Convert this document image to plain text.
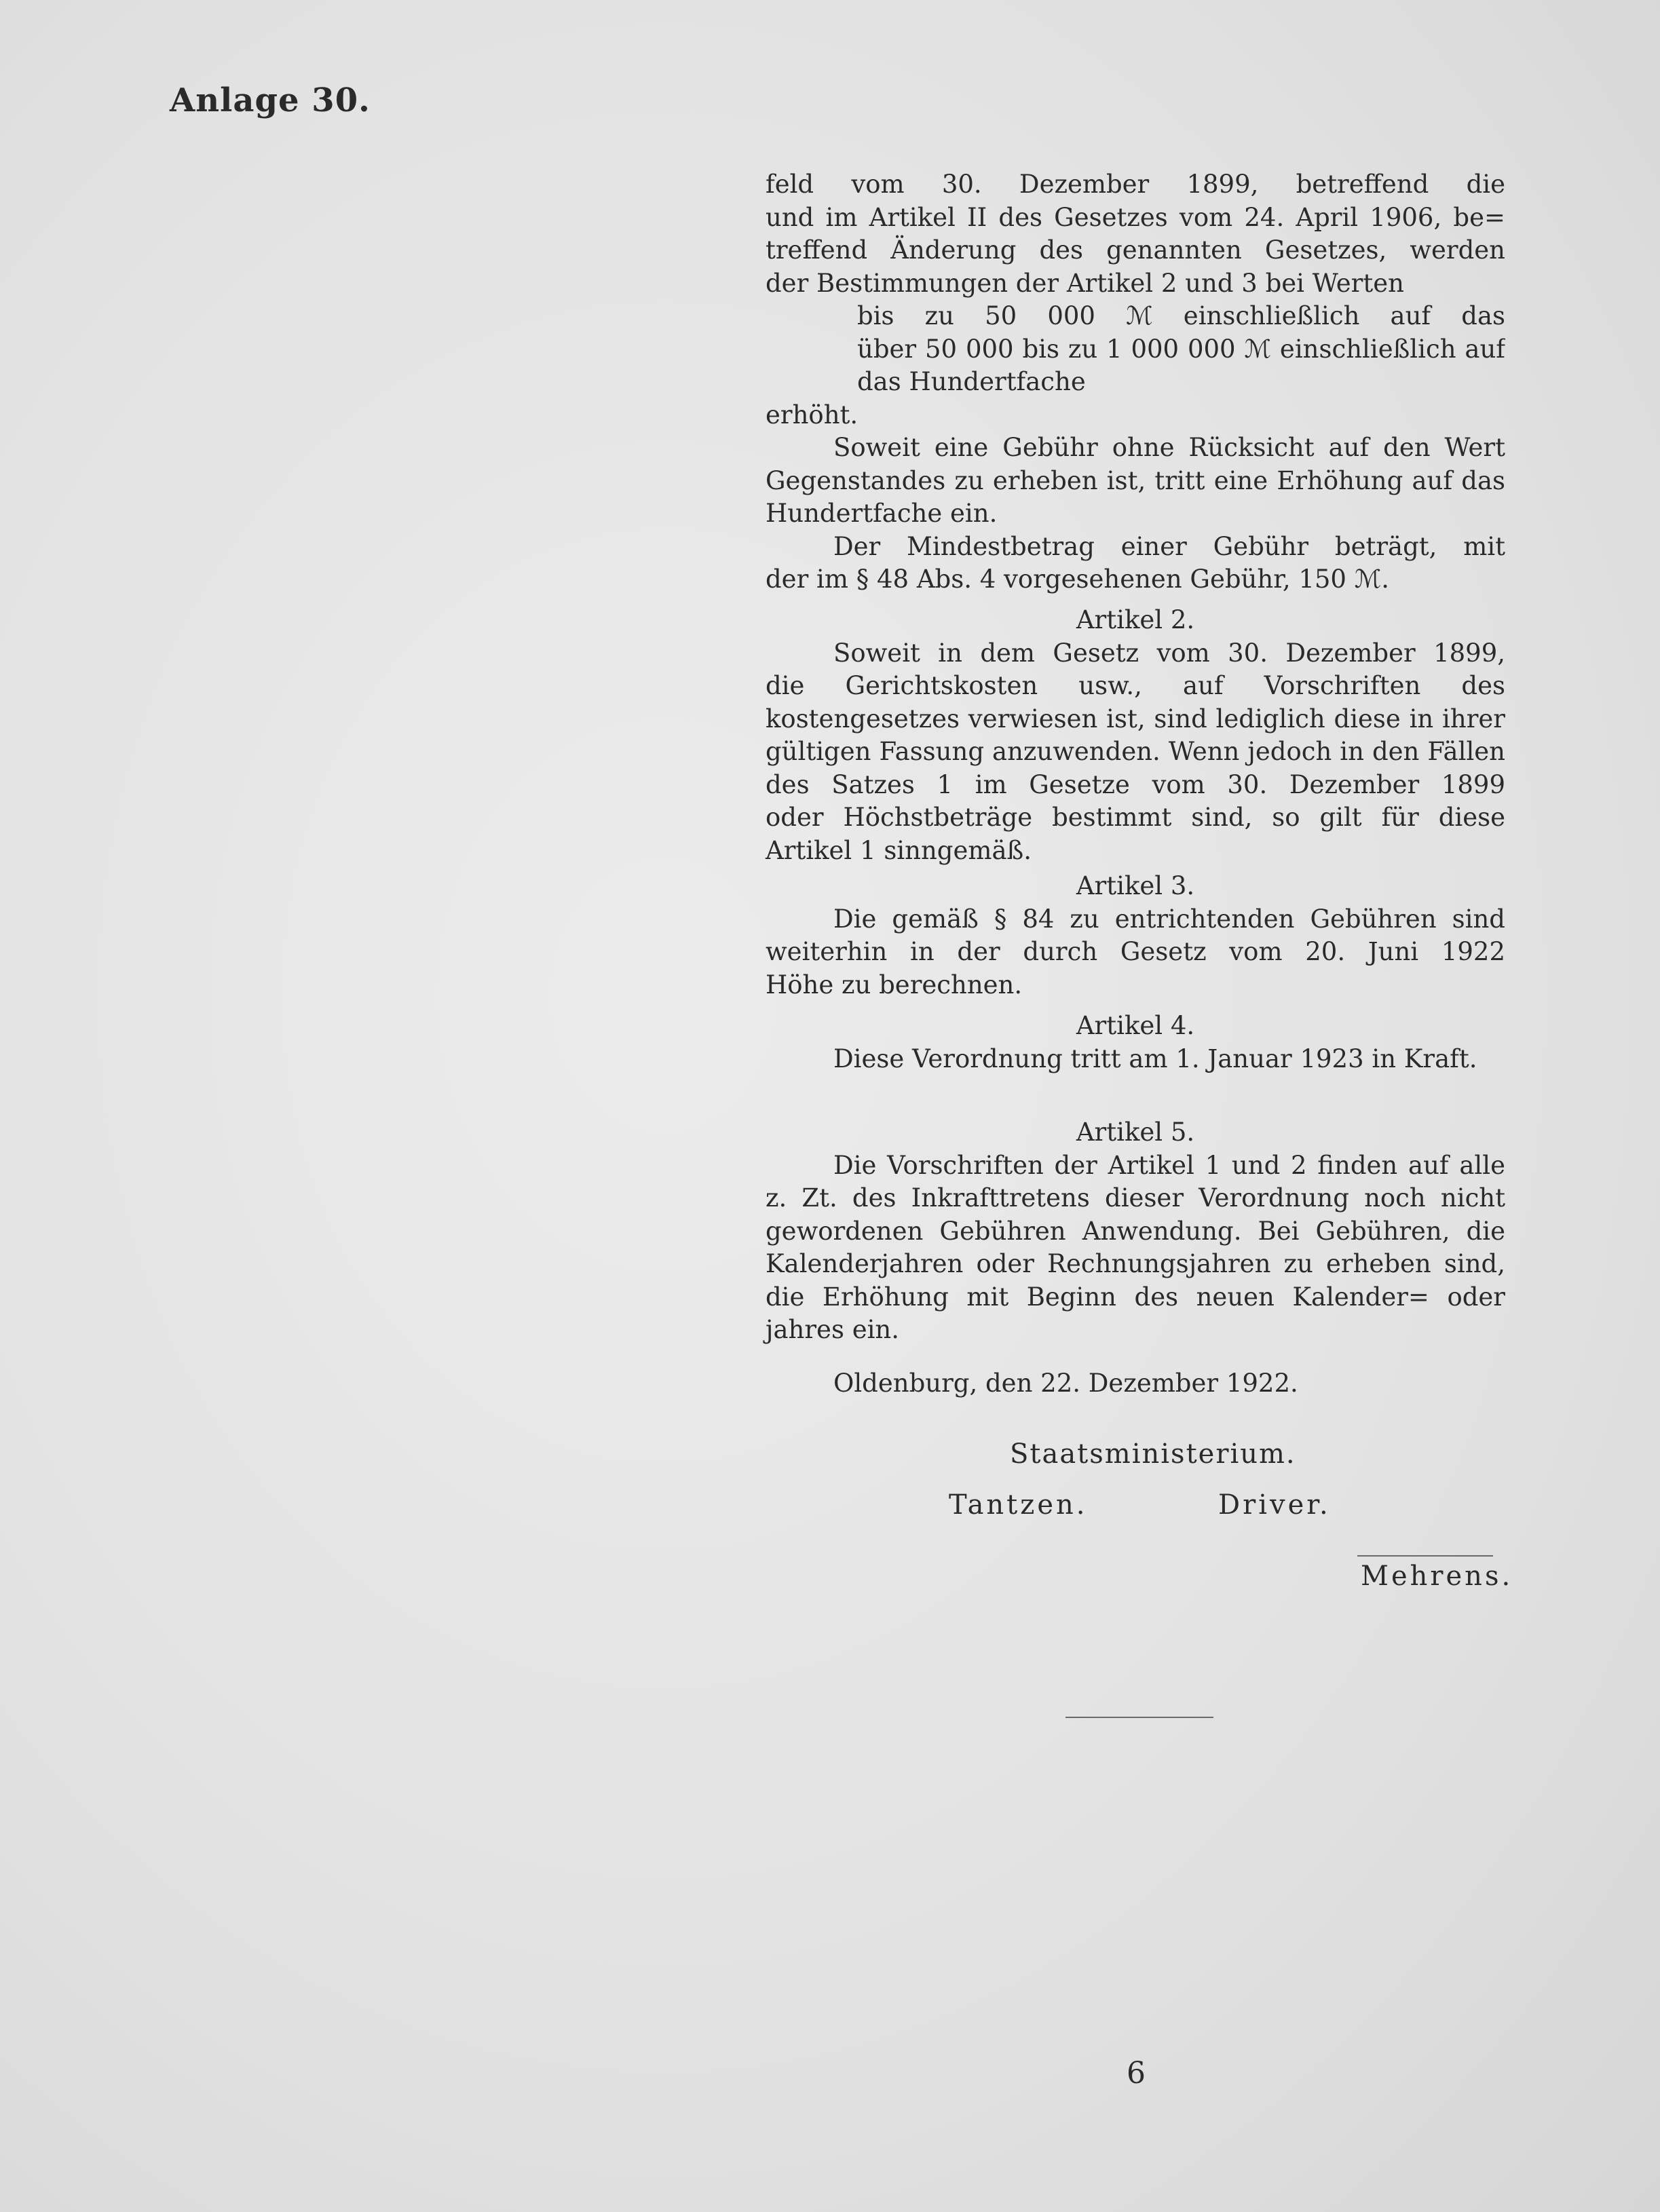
Anlage 30.
feld vom 30. Dezember 1899, betreffend die
und im Artikel II des Gesetzes vom 24. April 1906, be=
treffend Änderung des genannten Gesetzes, werden
der Bestimmungen der Artikel 2 und 3 bei Werten
bis zu 50 000 ℳ einschließlich auf das
über 50 000 bis zu 1 000 000 ℳ einschließlich auf
das Hundertfache
erhöht.
Soweit eine Gebühr ohne Rücksicht auf den Wert
Gegenstandes zu erheben ist, tritt eine Erhöhung auf das
Hundertfache ein.
Der Mindestbetrag einer Gebühr beträgt, mit
der im § 48 Abs. 4 vorgesehenen Gebühr, 150 ℳ.
Artikel 2.
Soweit in dem Gesetz vom 30. Dezember 1899,
die Gerichtskosten usw., auf Vorschriften des
kostengesetzes verwiesen ist, sind lediglich diese in ihrer
gültigen Fassung anzuwenden. Wenn jedoch in den Fällen
des Satzes 1 im Gesetze vom 30. Dezember 1899
oder Höchstbeträge bestimmt sind, so gilt für diese
Artikel 1 sinngemäß.
Artikel 3.
Die gemäß § 84 zu entrichtenden Gebühren sind
weiterhin in der durch Gesetz vom 20. Juni 1922
Höhe zu berechnen.
Artikel 4.
Diese Verordnung tritt am 1. Januar 1923 in Kraft.
Artikel 5.
Die Vorschriften der Artikel 1 und 2 finden auf alle
z. Zt. des Inkrafttretens dieser Verordnung noch nicht
gewordenen Gebühren Anwendung. Bei Gebühren, die
Kalenderjahren oder Rechnungsjahren zu erheben sind,
die Erhöhung mit Beginn des neuen Kalender= oder
jahres ein.
Oldenburg, den 22. Dezember 1922.
Staatsministerium.
Tantzen.	Driver.
Mehrens.
6
